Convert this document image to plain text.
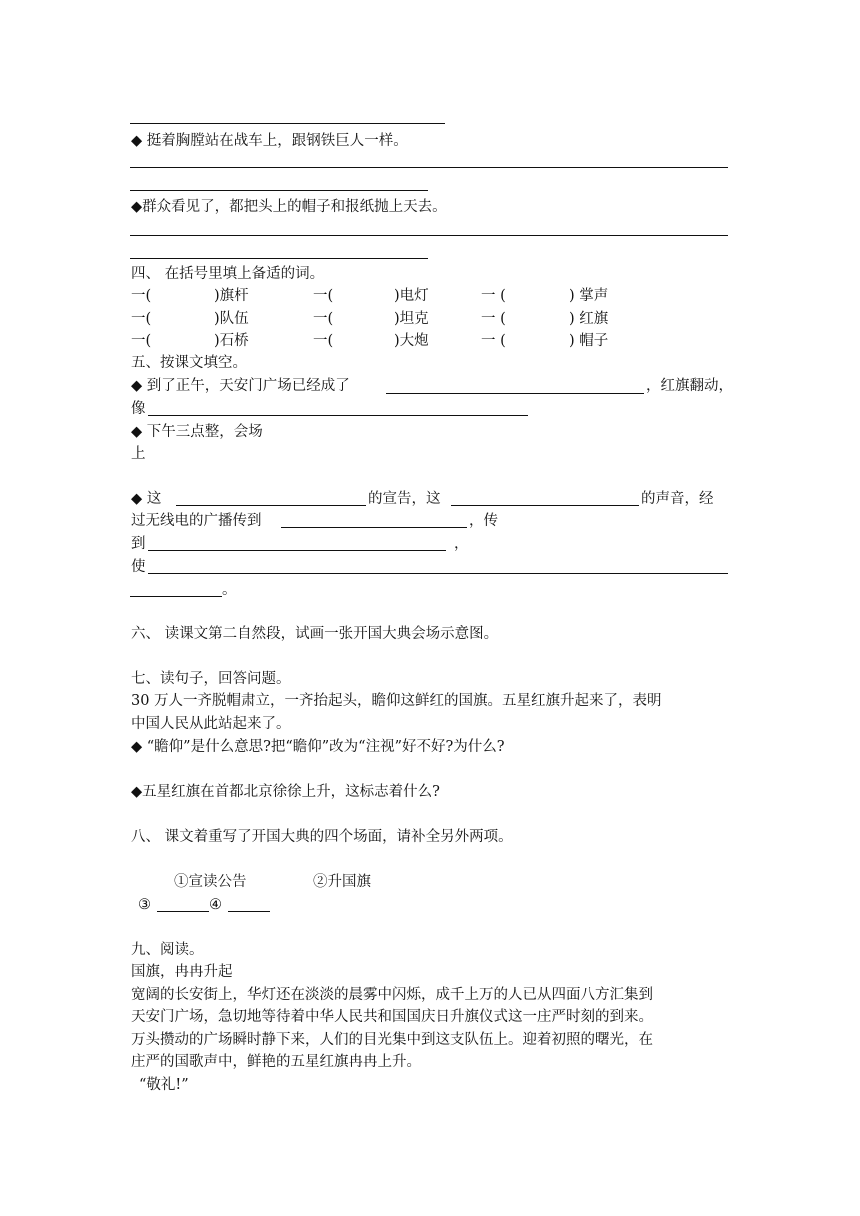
◆ 挺着胸膛站在战车上，跟钢铁巨人一样。
◆群众看见了，都把头上的帽子和报纸抛上天去。
四、 在括号里填上备适的词。
一(	)旗杆	一(	)电灯	一 (	) 掌声
一(	)队伍	一(	)坦克	一 (	) 红旗
一(	)石桥	一(	)大炮	一 (	) 帽子
五、按课文填空。
◆ 到了正午，天安门广场已经成了	，红旗翻动，
像
◆ 下午三点整，会场
上
◆ 这	的宣告，这	的声音，经
过无线电的广播传到	，传
到	，
使
。
六、 读课文第二自然段，试画一张开国大典会场示意图。
七、读句子，回答问题。
30 万人一齐脱帽肃立，一齐抬起头，瞻仰这鲜红的国旗。五星红旗升起来了，表明
中国人民从此站起来了。
◆ “瞻仰”是什么意思?把“瞻仰”改为“注视”好不好?为什么?
◆五星红旗在首都北京徐徐上升，这标志着什么?
八、 课文着重写了开国大典的四个场面，请补全另外两项。
①宣读公告	②升国旗
③	④
九、阅读。
国旗，冉冉升起
宽阔的长安街上，华灯还在淡淡的晨雾中闪烁，成千上万的人已从四面八方汇集到
天安门广场，急切地等待着中华人民共和国国庆日升旗仪式这一庄严时刻的到来。
万头攒动的广场瞬时静下来，人们的目光集中到这支队伍上。迎着初照的曙光，在
庄严的国歌声中，鲜艳的五星红旗冉冉上升。
“敬礼!”
